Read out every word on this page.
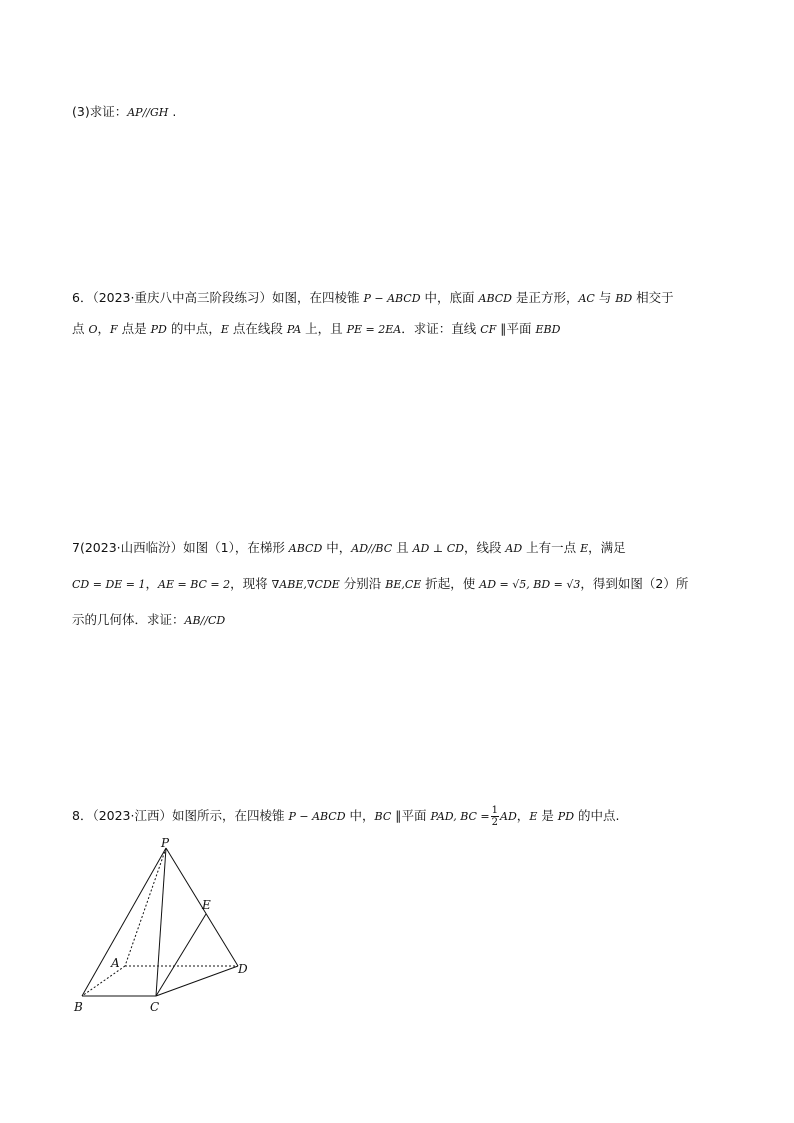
(3)求证：AP//GH .
6．（2023·重庆八中高三阶段练习）如图，在四棱锥 P − ABCD 中，底面 ABCD 是正方形，AC 与 BD 相交于
点 O，F 点是 PD 的中点，E 点在线段 PA 上，且 PE = 2EA．求证：直线 CF ∥平面 EBD
7(2023·山西临汾）如图（1），在梯形 ABCD 中，AD//BC 且 AD ⊥ CD，线段 AD 上有一点 E，满足
CD = DE = 1，AE = BC = 2，现将 ∇ABE,∇CDE 分别沿 BE,CE 折起，使 AD = √5, BD = √3，得到如图（2）所
示的几何体．求证：AB//CD
8．（2023·江西）如图所示，在四棱锥 P − ABCD 中，BC ∥平面 PAD, BC = $\frac{1}{2}$ AD，E 是 PD 的中点.
P
E
A	D
B	C
